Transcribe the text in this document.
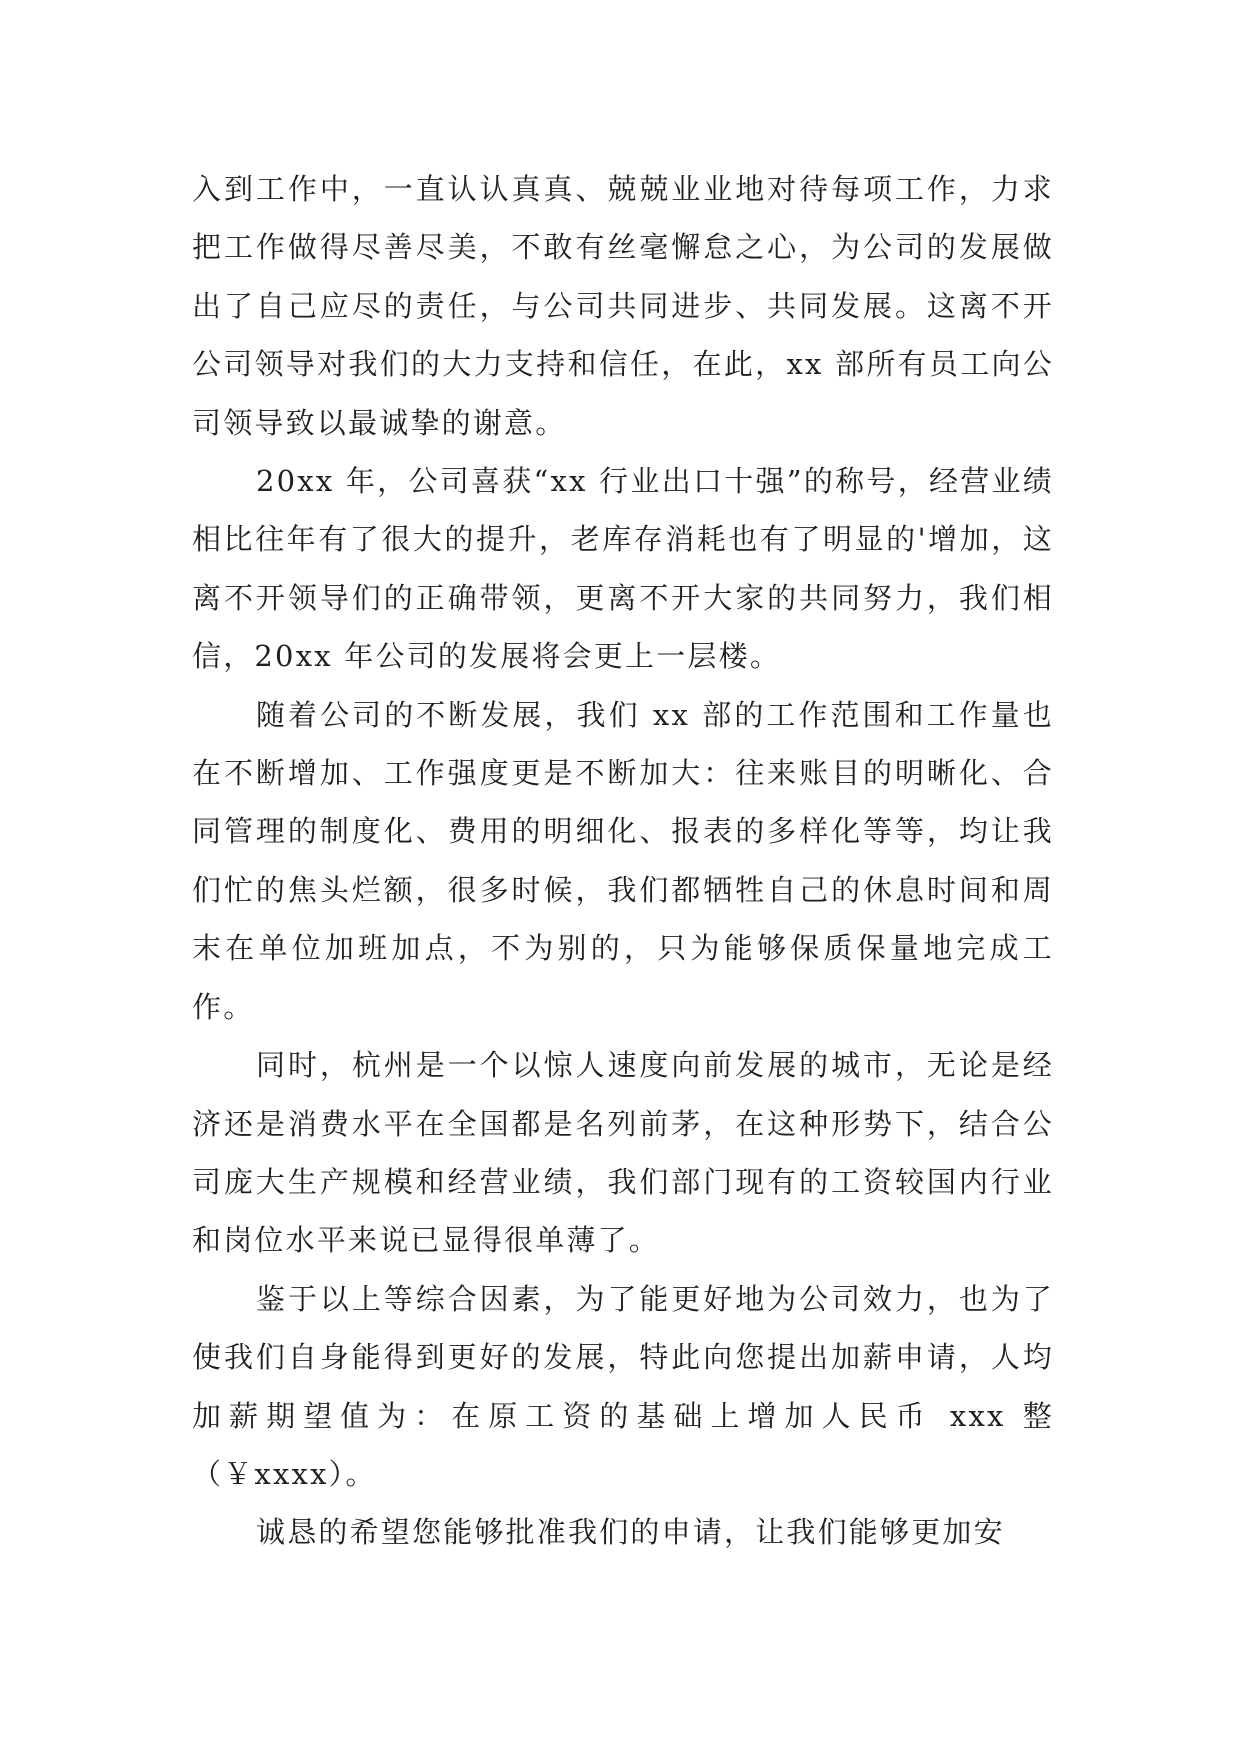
入到工作中，一直认认真真、兢兢业业地对待每项工作，力求把工作做得尽善尽美，不敢有丝毫懈怠之心，为公司的发展做出了自己应尽的责任，与公司共同进步、共同发展。这离不开公司领导对我们的大力支持和信任，在此，xx 部所有员工向公司领导致以最诚挚的谢意。

20xx 年，公司喜获“xx 行业出口十强”的称号，经营业绩相比往年有了很大的提升，老库存消耗也有了明显的'增加，这离不开领导们的正确带领，更离不开大家的共同努力，我们相信，20xx 年公司的发展将会更上一层楼。

随着公司的不断发展，我们 xx 部的工作范围和工作量也在不断增加、工作强度更是不断加大：往来账目的明晰化、合同管理的制度化、费用的明细化、报表的多样化等等，均让我们忙的焦头烂额，很多时候，我们都牺牲自己的休息时间和周末在单位加班加点，不为别的，只为能够保质保量地完成工作。

同时，杭州是一个以惊人速度向前发展的城市，无论是经济还是消费水平在全国都是名列前茅，在这种形势下，结合公司庞大生产规模和经营业绩，我们部门现有的工资较国内行业和岗位水平来说已显得很单薄了。

鉴于以上等综合因素，为了能更好地为公司效力，也为了使我们自身能得到更好的发展，特此向您提出加薪申请，人均加薪期望值为：在原工资的基础上增加人民币 xxx 整（￥xxxx）。

诚恳的希望您能够批准我们的申请，让我们能够更加安
